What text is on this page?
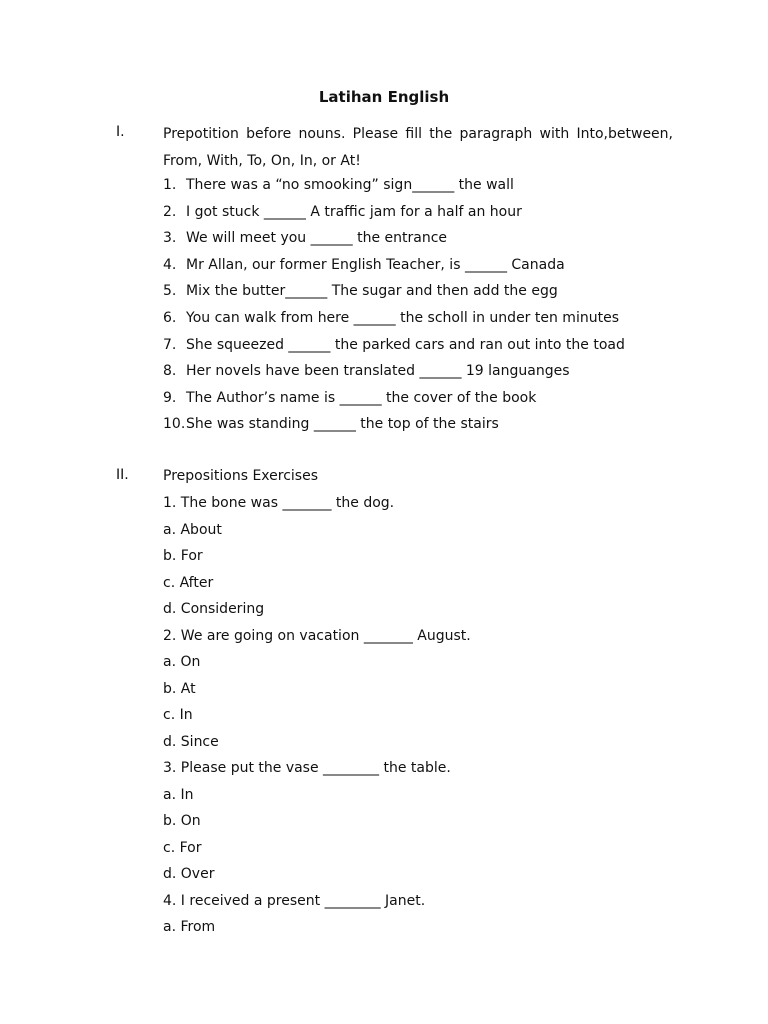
Latihan English
I.	Prepotition before nouns. Please fill the paragraph with Into,between,
From, With, To, On, In, or At!
1. There was a “no smooking” sign______ the wall
2. I got stuck ______ A traffic jam for a half an hour
3. We will meet you ______ the entrance
4. Mr Allan, our former English Teacher, is ______ Canada
5. Mix the butter______ The sugar and then add the egg
6. You can walk from here ______ the scholl in under ten minutes
7. She squeezed ______ the parked cars and ran out into the toad
8. Her novels have been translated ______ 19 languanges
9. The Author’s name is ______ the cover of the book
10. She was standing ______ the top of the stairs
II. Prepositions Exercises
1. The bone was _______ the dog.
a. About
b. For
c. After
d. Considering
2. We are going on vacation _______ August.
a. On
b. At
c. In
d. Since
3. Please put the vase ________ the table.
a. In
b. On
c. For
d. Over
4. I received a present ________ Janet.
a. From
